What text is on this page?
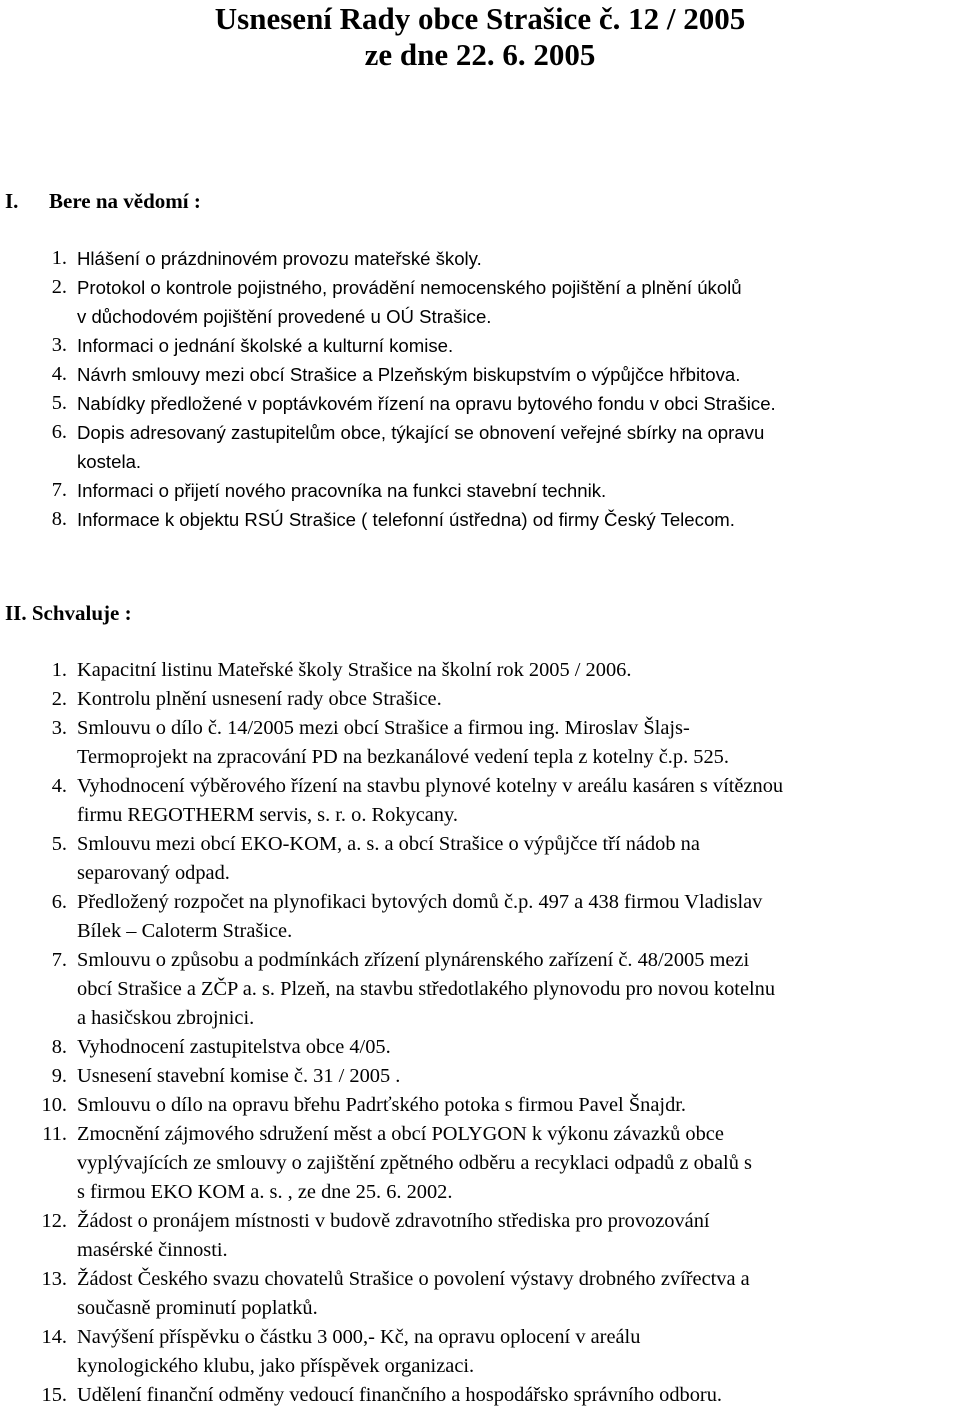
Usnesení Rady obce Strašice č. 12 / 2005
ze dne 22. 6. 2005
I. Bere na vědomí :
1. Hlášení o prázdninovém provozu mateřské školy.
2. Protokol o kontrole pojistného, provádění nemocenského pojištění a plnění úkolů
v důchodovém pojištění provedené u OÚ Strašice.
3. Informaci o jednání školské a kulturní komise.
4. Návrh smlouvy mezi obcí Strašice a Plzeňským biskupstvím o výpůjčce hřbitova.
5. Nabídky předložené v poptávkovém řízení na opravu bytového fondu v obci Strašice.
6. Dopis adresovaný zastupitelům obce, týkající se obnovení veřejné sbírky na opravu
kostela.
7. Informaci o přijetí nového pracovníka na funkci stavební technik.
8. Informace k objektu RSÚ Strašice ( telefonní ústředna) od firmy Český Telecom.
II. Schvaluje :
1. Kapacitní listinu Mateřské školy Strašice na školní rok 2005 / 2006.
2. Kontrolu plnění usnesení rady obce Strašice.
3. Smlouvu o dílo č. 14/2005 mezi obcí Strašice a firmou ing. Miroslav Šlajs-
Termoprojekt na zpracování PD na bezkanálové vedení tepla z kotelny č.p. 525.
4. Vyhodnocení výběrového řízení na stavbu plynové kotelny v areálu kasáren s vítěznou
firmu REGOTHERM servis, s. r. o. Rokycany.
5. Smlouvu mezi obcí EKO-KOM, a. s. a obcí Strašice o výpůjčce tří nádob na
separovaný odpad.
6. Předložený rozpočet na plynofikaci bytových domů č.p. 497 a 438 firmou Vladislav
Bílek – Caloterm Strašice.
7. Smlouvu o způsobu a podmínkách zřízení plynárenského zařízení č. 48/2005 mezi
obcí Strašice a ZČP a. s. Plzeň, na stavbu středotlakého plynovodu pro novou kotelnu
a hasičskou zbrojnici.
8. Vyhodnocení zastupitelstva obce 4/05.
9. Usnesení stavební komise č. 31 / 2005 .
10. Smlouvu o dílo na opravu břehu Padrťského potoka s firmou Pavel Šnajdr.
11. Zmocnění zájmového sdružení měst a obcí POLYGON k výkonu závazků obce
vyplývajících ze smlouvy o zajištění zpětného odběru a recyklaci odpadů z obalů s
s firmou EKO KOM a. s. , ze dne 25. 6. 2002.
12. Žádost o pronájem místnosti v budově zdravotního střediska pro provozování
masérské činnosti.
13. Žádost Českého svazu chovatelů Strašice o povolení výstavy drobného zvířectva a
současně prominutí poplatků.
14. Navýšení příspěvku o částku 3 000,- Kč, na opravu oplocení v areálu
kynologického klubu, jako příspěvek organizaci.
15. Udělení finanční odměny vedoucí finančního a hospodářsko správního odboru.
